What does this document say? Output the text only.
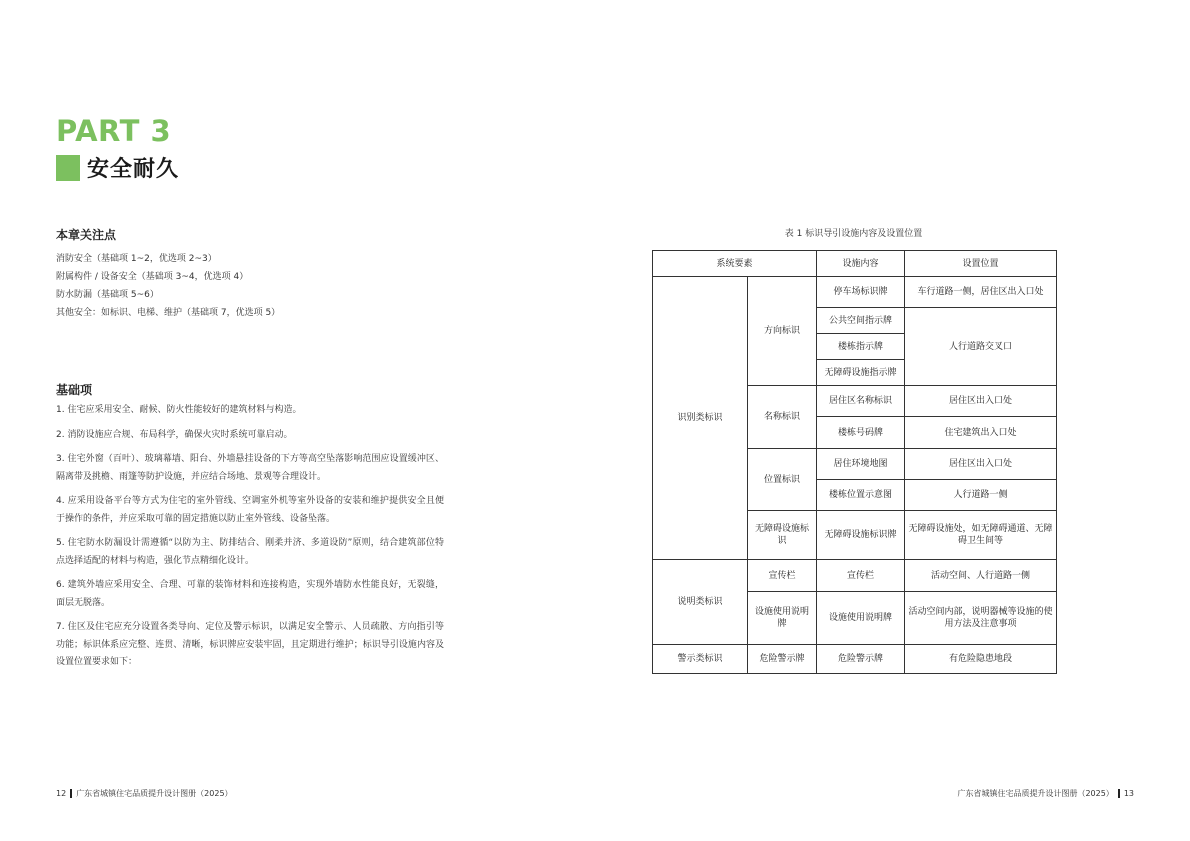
PART 3
安全耐久
本章关注点
消防安全（基础项 1~2，优选项 2~3）
附属构件 / 设备安全（基础项 3~4，优选项 4）
防水防漏（基础项 5~6）
其他安全：如标识、电梯、维护（基础项 7，优选项 5）
基础项

1. 住宅应采用安全、耐候、防火性能较好的建筑材料与构造。

2. 消防设施应合规、布局科学，确保火灾时系统可靠启动。

3. 住宅外窗（百叶）、玻璃幕墙、阳台、外墙悬挂设备的下方等高空坠落影响范围应设置缓冲区、隔离带及挑檐、雨篷等防护设施，并应结合场地、景观等合理设计。

4. 应采用设备平台等方式为住宅的室外管线、空调室外机等室外设备的安装和维护提供安全且便于操作的条件，并应采取可靠的固定措施以防止室外管线、设备坠落。

5. 住宅防水防漏设计需遵循“以防为主、防排结合、刚柔并济、多道设防”原则，结合建筑部位特点选择适配的材料与构造，强化节点精细化设计。

6. 建筑外墙应采用安全、合理、可靠的装饰材料和连接构造，实现外墙防水性能良好，无裂缝，面层无脱落。

7. 住区及住宅应充分设置各类导向、定位及警示标识，以满足安全警示、人员疏散、方向指引等功能；标识体系应完整、连贯、清晰，标识牌应安装牢固，且定期进行维护；标识导引设施内容及设置位置要求如下：

表 1 标识导引设施内容及设置位置
系统要素		设施内容	设置位置
识别类标识	方向标识	停车场标识牌	车行道路一侧，居住区出入口处
		公共空间指示牌	人行道路交叉口
		楼栋指示牌	
		无障碍设施指示牌	
	名称标识	居住区名称标识	居住区出入口处
		楼栋号码牌	住宅建筑出入口处
	位置标识	居住环境地图	居住区出入口处
		楼栋位置示意图	人行道路一侧
	无障碍设施标识	无障碍设施标识牌	无障碍设施处，如无障碍通道、无障碍卫生间等
说明类标识	宣传栏	宣传栏	活动空间、人行道路一侧
	设施使用说明牌	设施使用说明牌	活动空间内部，说明器械等设施的使用方法及注意事项
警示类标识	危险警示牌	危险警示牌	有危险隐患地段
12 广东省城镇住宅品质提升设计图册（2025）	广东省城镇住宅品质提升设计图册（2025） 13
